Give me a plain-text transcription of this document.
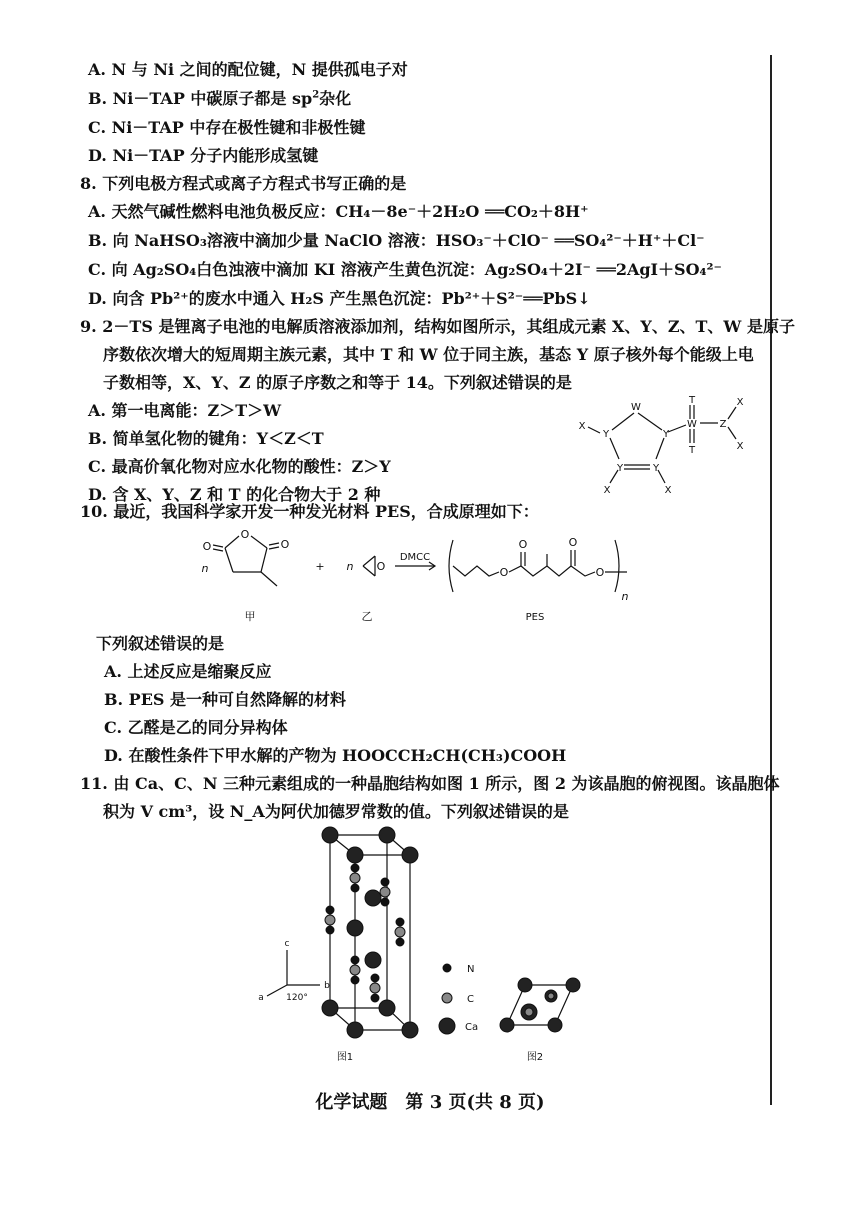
A. N 与 Ni 之间的配位键，N 提供孤电子对
B. Ni－TAP 中碳原子都是 $sp^2$杂化
C. Ni－TAP 中存在极性键和非极性键
D. Ni－TAP 分子内能形成氢键
8. 下列电极方程式或离子方程式书写正确的是
A. 天然气碱性燃料电池负极反应：CH₄－8e⁻＋2H₂O ══CO₂＋8H⁺
B. 向 NaHSO₃溶液中滴加少量 NaClO 溶液：HSO₃⁻＋ClO⁻ ══SO₄²⁻＋H⁺＋Cl⁻
C. 向 Ag₂SO₄白色浊液中滴加 KI 溶液产生黄色沉淀：Ag₂SO₄＋2I⁻ ══2AgI＋SO₄²⁻
D. 向含 Pb²⁺的废水中通入 H₂S 产生黑色沉淀：Pb²⁺＋S²⁻══PbS↓
9. 2－TS 是锂离子电池的电解质溶液添加剂，结构如图所示，其组成元素 X、Y、Z、T、W 是原子
序数依次增大的短周期主族元素，其中 T 和 W 位于同主族，基态 Y 原子核外每个能级上电
子数相等，X、Y、Z 的原子序数之和等于 14。下列叙述错误的是
A. 第一电离能：Z＞T＞W
B. 简单氢化物的键角：Y＜Z＜T
C. 最高价氧化物对应水化物的酸性：Z＞Y
D. 含 X、Y、Z 和 T 的化合物大于 2 种
W
Y	Y
Y	Y
X
X	X
T
W
T
Z
X
X
10. 最近，我国科学家开发一种发光材料 PES，合成原理如下：
O
O	O
O	O
O	O
O
n	+ n
DMCC
n
甲	乙	PES
下列叙述错误的是
A. 上述反应是缩聚反应
B. PES 是一种可自然降解的材料
C. 乙醛是乙的同分异构体
D. 在酸性条件下甲水解的产物为 HOOCCH₂CH(CH₃)COOH
11. 由 Ca、C、N 三种元素组成的一种晶胞结构如图 1 所示，图 2 为该晶胞的俯视图。该晶胞体
积为 V cm³，设 N_A为阿伏加德罗常数的值。下列叙述错误的是
c
b
a 120°
N
C
Ca
图1	图2
化学试题　第 3 页(共 8 页)
